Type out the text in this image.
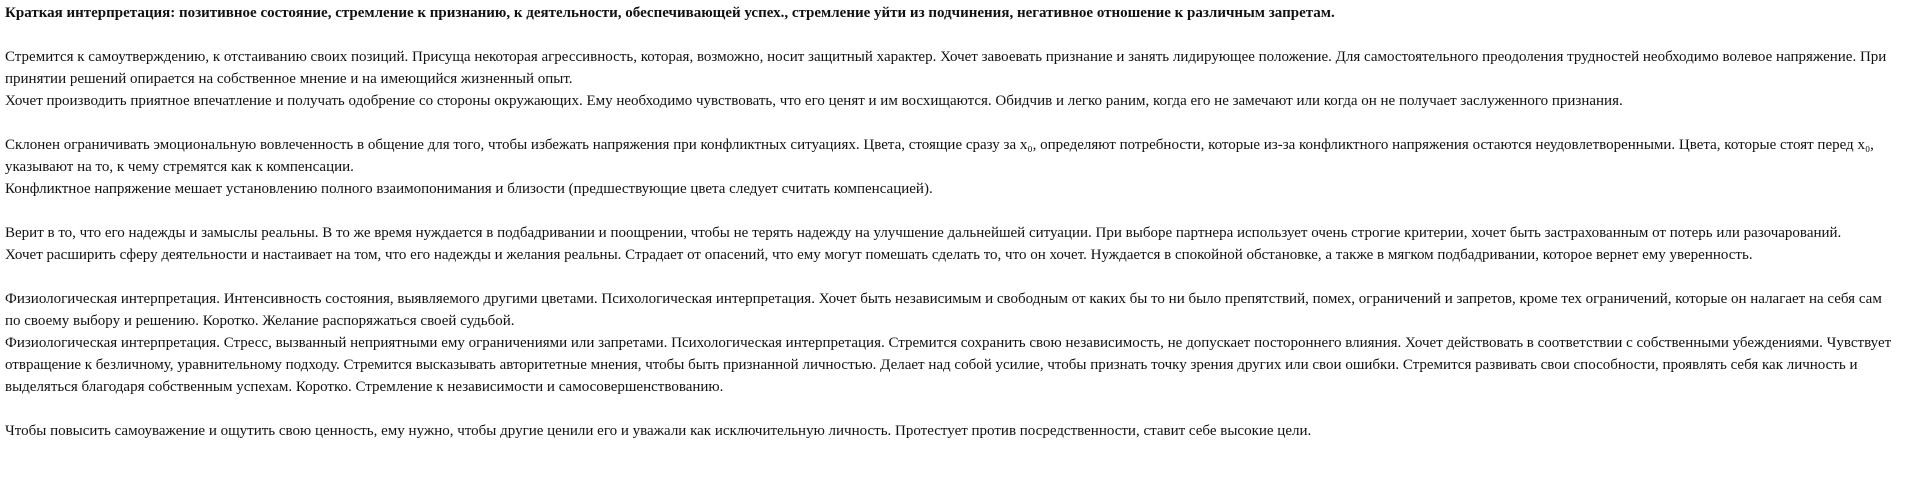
Краткая интерпретация: позитивное состояние, стремление к признанию, к деятельности, обеспечивающей успех., стремление уйти из подчинения, негативное отношение к различным запретам.

Стремится к самоутверждению, к отстаиванию своих позиций. Присуща некоторая агрессивность, которая, возможно, носит защитный характер. Хочет завоевать признание и занять лидирующее положение. Для самостоятельного преодоления трудностей необходимо волевое напряжение. При принятии решений опирается на собственное мнение и на имеющийся жизненный опыт.

Хочет производить приятное впечатление и получать одобрение со стороны окружающих. Ему необходимо чувствовать, что его ценят и им восхищаются. Обидчив и легко раним, когда его не замечают или когда он не получает заслуженного признания.

Склонен ограничивать эмоциональную вовлеченность в общение для того, чтобы избежать напряжения при конфликтных ситуациях. Цвета, стоящие сразу за x₀, определяют потребности, которые из-за конфликтного напряжения остаются неудовлетворенными. Цвета, которые стоят перед x₀, указывают на то, к чему стремятся как к компенсации.

Конфликтное напряжение мешает установлению полного взаимопонимания и близости (предшествующие цвета следует считать компенсацией).

Верит в то, что его надежды и замыслы реальны. В то же время нуждается в подбадривании и поощрении, чтобы не терять надежду на улучшение дальнейшей ситуации. При выборе партнера использует очень строгие критерии, хочет быть застрахованным от потерь или разочарований.

Хочет расширить сферу деятельности и настаивает на том, что его надежды и желания реальны. Страдает от опасений, что ему могут помешать сделать то, что он хочет. Нуждается в спокойной обстановке, а также в мягком подбадривании, которое вернет ему уверенность.

Физиологическая интерпретация. Интенсивность состояния, выявляемого другими цветами. Психологическая интерпретация. Хочет быть независимым и свободным от каких бы то ни было препятствий, помех, ограничений и запретов, кроме тех ограничений, которые он налагает на себя сам по своему выбору и решению. Коротко. Желание распоряжаться своей судьбой.

Физиологическая интерпретация. Стресс, вызванный неприятными ему ограничениями или запретами. Психологическая интерпретация. Стремится сохранить свою независимость, не допускает постороннего влияния. Хочет действовать в соответствии с собственными убеждениями. Чувствует отвращение к безличному, уравнительному подходу. Стремится высказывать авторитетные мнения, чтобы быть признанной личностью. Делает над собой усилие, чтобы признать точку зрения других или свои ошибки. Стремится развивать свои способности, проявлять себя как личность и выделяться благодаря собственным успехам. Коротко. Стремление к независимости и самосовершенствованию.

Чтобы повысить самоуважение и ощутить свою ценность, ему нужно, чтобы другие ценили его и уважали как исключительную личность. Протестует против посредственности, ставит себе высокие цели.
